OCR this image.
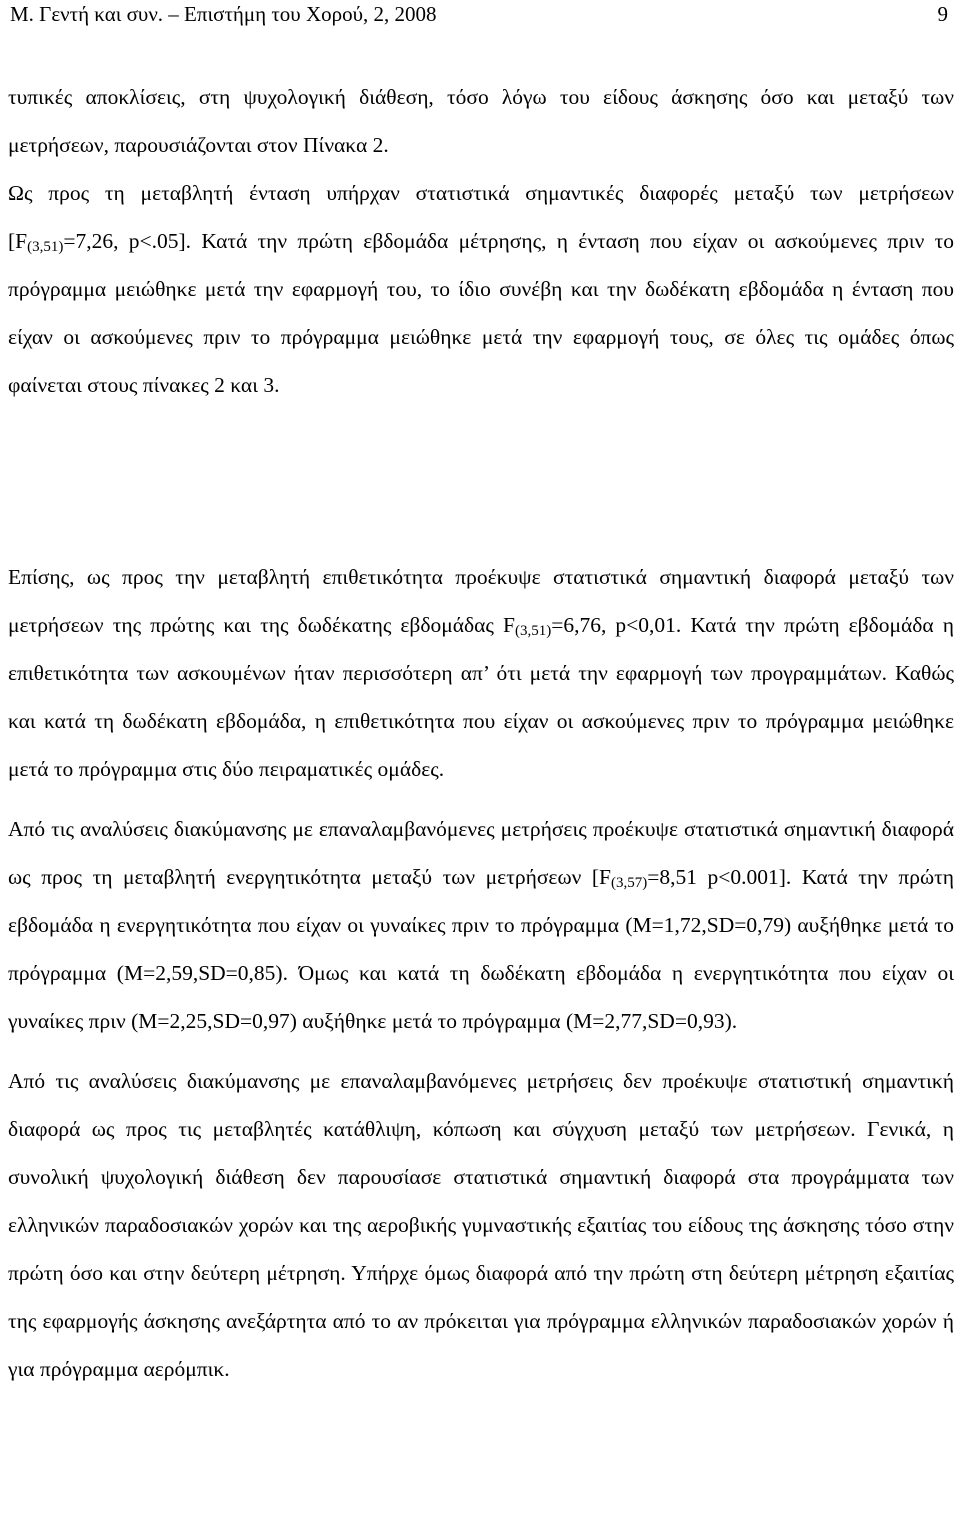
Μ. Γεντή και συν. – Επιστήμη του Χορού, 2, 2008	9

τυπικές αποκλίσεις, στη ψυχολογική διάθεση, τόσο λόγω του είδους άσκησης όσο και μεταξύ των μετρήσεων, παρουσιάζονται στον Πίνακα 2.

Ως προς τη μεταβλητή ένταση υπήρχαν στατιστικά σημαντικές διαφορές μεταξύ των μετρήσεων [$F_{(3,51)}=7,26$, p<.05]. Κατά την πρώτη εβδομάδα μέτρησης, η ένταση που είχαν οι ασκούμενες πριν το πρόγραμμα μειώθηκε μετά την εφαρμογή του, το ίδιο συνέβη και την δωδέκατη εβδομάδα η ένταση που είχαν οι ασκούμενες πριν το πρόγραμμα μειώθηκε μετά την εφαρμογή τους, σε όλες τις ομάδες όπως φαίνεται στους πίνακες 2 και 3.

Επίσης, ως προς την μεταβλητή επιθετικότητα προέκυψε στατιστικά σημαντική διαφορά μεταξύ των μετρήσεων της πρώτης και της δωδέκατης εβδομάδας $F_{(3,51)}=6,76$, p<0,01. Κατά την πρώτη εβδομάδα η επιθετικότητα των ασκουμένων ήταν περισσότερη απ’ ότι μετά την εφαρμογή των προγραμμάτων. Καθώς και κατά τη δωδέκατη εβδομάδα, η επιθετικότητα που είχαν οι ασκούμενες πριν το πρόγραμμα μειώθηκε μετά το πρόγραμμα στις δύο πειραματικές ομάδες.

Από τις αναλύσεις διακύμανσης με επαναλαμβανόμενες μετρήσεις προέκυψε στατιστικά σημαντική διαφορά ως προς τη μεταβλητή ενεργητικότητα μεταξύ των μετρήσεων [$F_{(3,57)}=8,51$ p<0.001]. Κατά την πρώτη εβδομάδα η ενεργητικότητα που είχαν οι γυναίκες πριν το πρόγραμμα (M=1,72,SD=0,79) αυξήθηκε μετά το πρόγραμμα (M=2,59,SD=0,85). Όμως και κατά τη δωδέκατη εβδομάδα η ενεργητικότητα που είχαν οι γυναίκες πριν (M=2,25,SD=0,97) αυξήθηκε μετά το πρόγραμμα (M=2,77,SD=0,93).

Από τις αναλύσεις διακύμανσης με επαναλαμβανόμενες μετρήσεις δεν προέκυψε στατιστική σημαντική διαφορά ως προς τις μεταβλητές κατάθλιψη, κόπωση και σύγχυση μεταξύ των μετρήσεων. Γενικά, η συνολική ψυχολογική διάθεση δεν παρουσίασε στατιστικά σημαντική διαφορά στα προγράμματα των ελληνικών παραδοσιακών χορών και της αεροβικής γυμναστικής εξαιτίας του είδους της άσκησης τόσο στην πρώτη όσο και στην δεύτερη μέτρηση. Υπήρχε όμως διαφορά από την πρώτη στη δεύτερη μέτρηση εξαιτίας της εφαρμογής άσκησης ανεξάρτητα από το αν πρόκειται για πρόγραμμα ελληνικών παραδοσιακών χορών ή για πρόγραμμα αερόμπικ.
